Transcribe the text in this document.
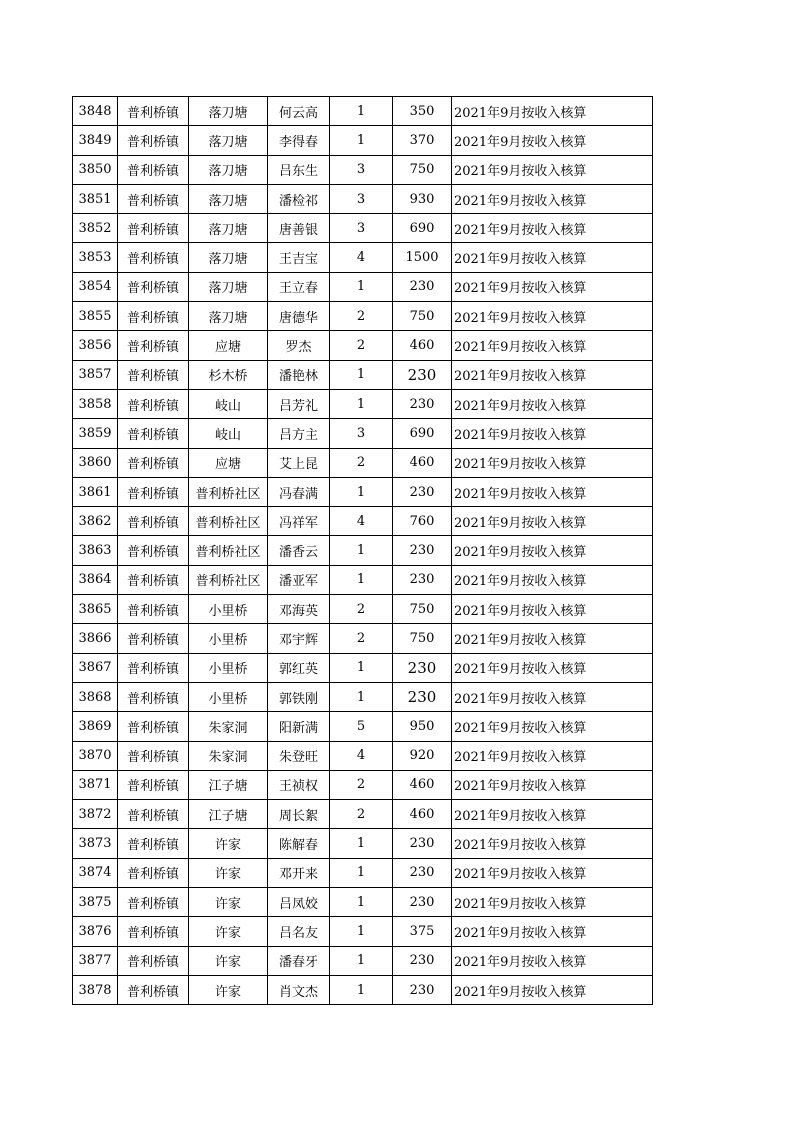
3848	普利桥镇	落刀塘	何云高	1	350	2021年9月按收入核算
3849	普利桥镇	落刀塘	李得春	1	370	2021年9月按收入核算
3850	普利桥镇	落刀塘	吕东生	3	750	2021年9月按收入核算
3851	普利桥镇	落刀塘	潘检祁	3	930	2021年9月按收入核算
3852	普利桥镇	落刀塘	唐善银	3	690	2021年9月按收入核算
3853	普利桥镇	落刀塘	王吉宝	4	1500	2021年9月按收入核算
3854	普利桥镇	落刀塘	王立春	1	230	2021年9月按收入核算
3855	普利桥镇	落刀塘	唐德华	2	750	2021年9月按收入核算
3856	普利桥镇	应塘	罗杰	2	460	2021年9月按收入核算
3857	普利桥镇	杉木桥	潘艳林	1	230	2021年9月按收入核算
3858	普利桥镇	岐山	吕芳礼	1	230	2021年9月按收入核算
3859	普利桥镇	岐山	吕方主	3	690	2021年9月按收入核算
3860	普利桥镇	应塘	艾上昆	2	460	2021年9月按收入核算
3861	普利桥镇	普利桥社区	冯春满	1	230	2021年9月按收入核算
3862	普利桥镇	普利桥社区	冯祥军	4	760	2021年9月按收入核算
3863	普利桥镇	普利桥社区	潘香云	1	230	2021年9月按收入核算
3864	普利桥镇	普利桥社区	潘亚军	1	230	2021年9月按收入核算
3865	普利桥镇	小里桥	邓海英	2	750	2021年9月按收入核算
3866	普利桥镇	小里桥	邓宇辉	2	750	2021年9月按收入核算
3867	普利桥镇	小里桥	郭红英	1	230	2021年9月按收入核算
3868	普利桥镇	小里桥	郭铁刚	1	230	2021年9月按收入核算
3869	普利桥镇	朱家洞	阳新满	5	950	2021年9月按收入核算
3870	普利桥镇	朱家洞	朱登旺	4	920	2021年9月按收入核算
3871	普利桥镇	江子塘	王祯权	2	460	2021年9月按收入核算
3872	普利桥镇	江子塘	周长絮	2	460	2021年9月按收入核算
3873	普利桥镇	许家	陈解春	1	230	2021年9月按收入核算
3874	普利桥镇	许家	邓开来	1	230	2021年9月按收入核算
3875	普利桥镇	许家	吕凤姣	1	230	2021年9月按收入核算
3876	普利桥镇	许家	吕名友	1	375	2021年9月按收入核算
3877	普利桥镇	许家	潘春牙	1	230	2021年9月按收入核算
3878	普利桥镇	许家	肖文杰	1	230	2021年9月按收入核算
